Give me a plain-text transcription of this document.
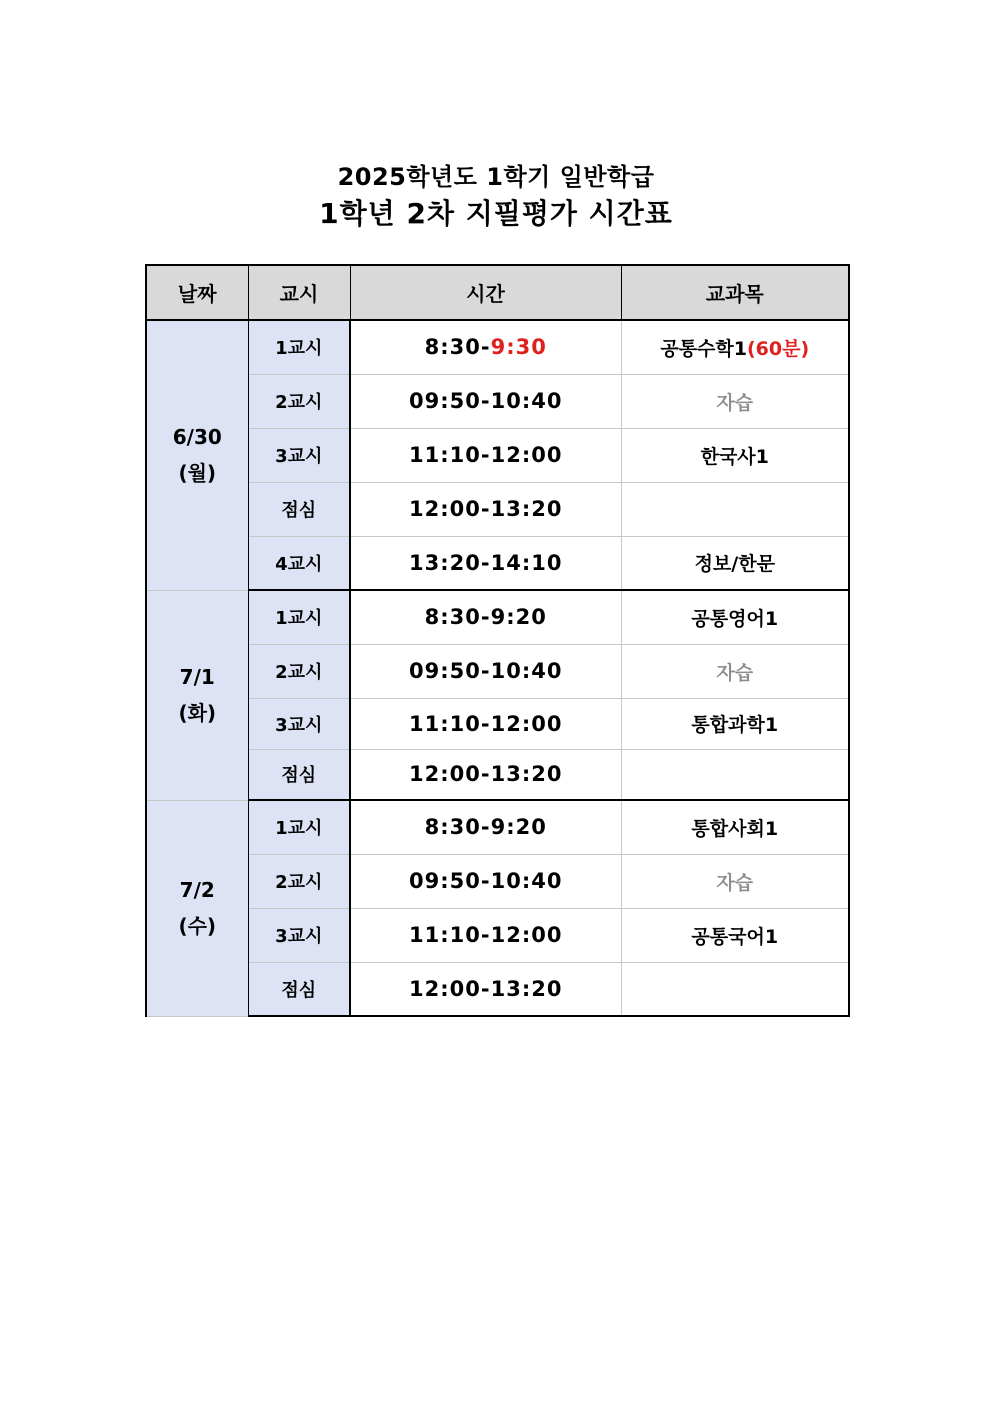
2025학년도 1학기 일반학급
1학년 2차 지필평가 시간표
날짜	교시	시간	교과목

6/30
(월)	1교시	8:30-9:30	공통수학1(60분)
	2교시	09:50-10:40	자습
	3교시	11:10-12:00	한국사1
	점심	12:00-13:20	
	4교시	13:20-14:10	정보/한문

7/1
(화)	1교시	8:30-9:20	공통영어1
	2교시	09:50-10:40	자습
	3교시	11:10-12:00	통합과학1
	점심	12:00-13:20	

7/2
(수)	1교시	8:30-9:20	통합사회1
	2교시	09:50-10:40	자습
	3교시	11:10-12:00	공통국어1
	점심	12:00-13:20	
